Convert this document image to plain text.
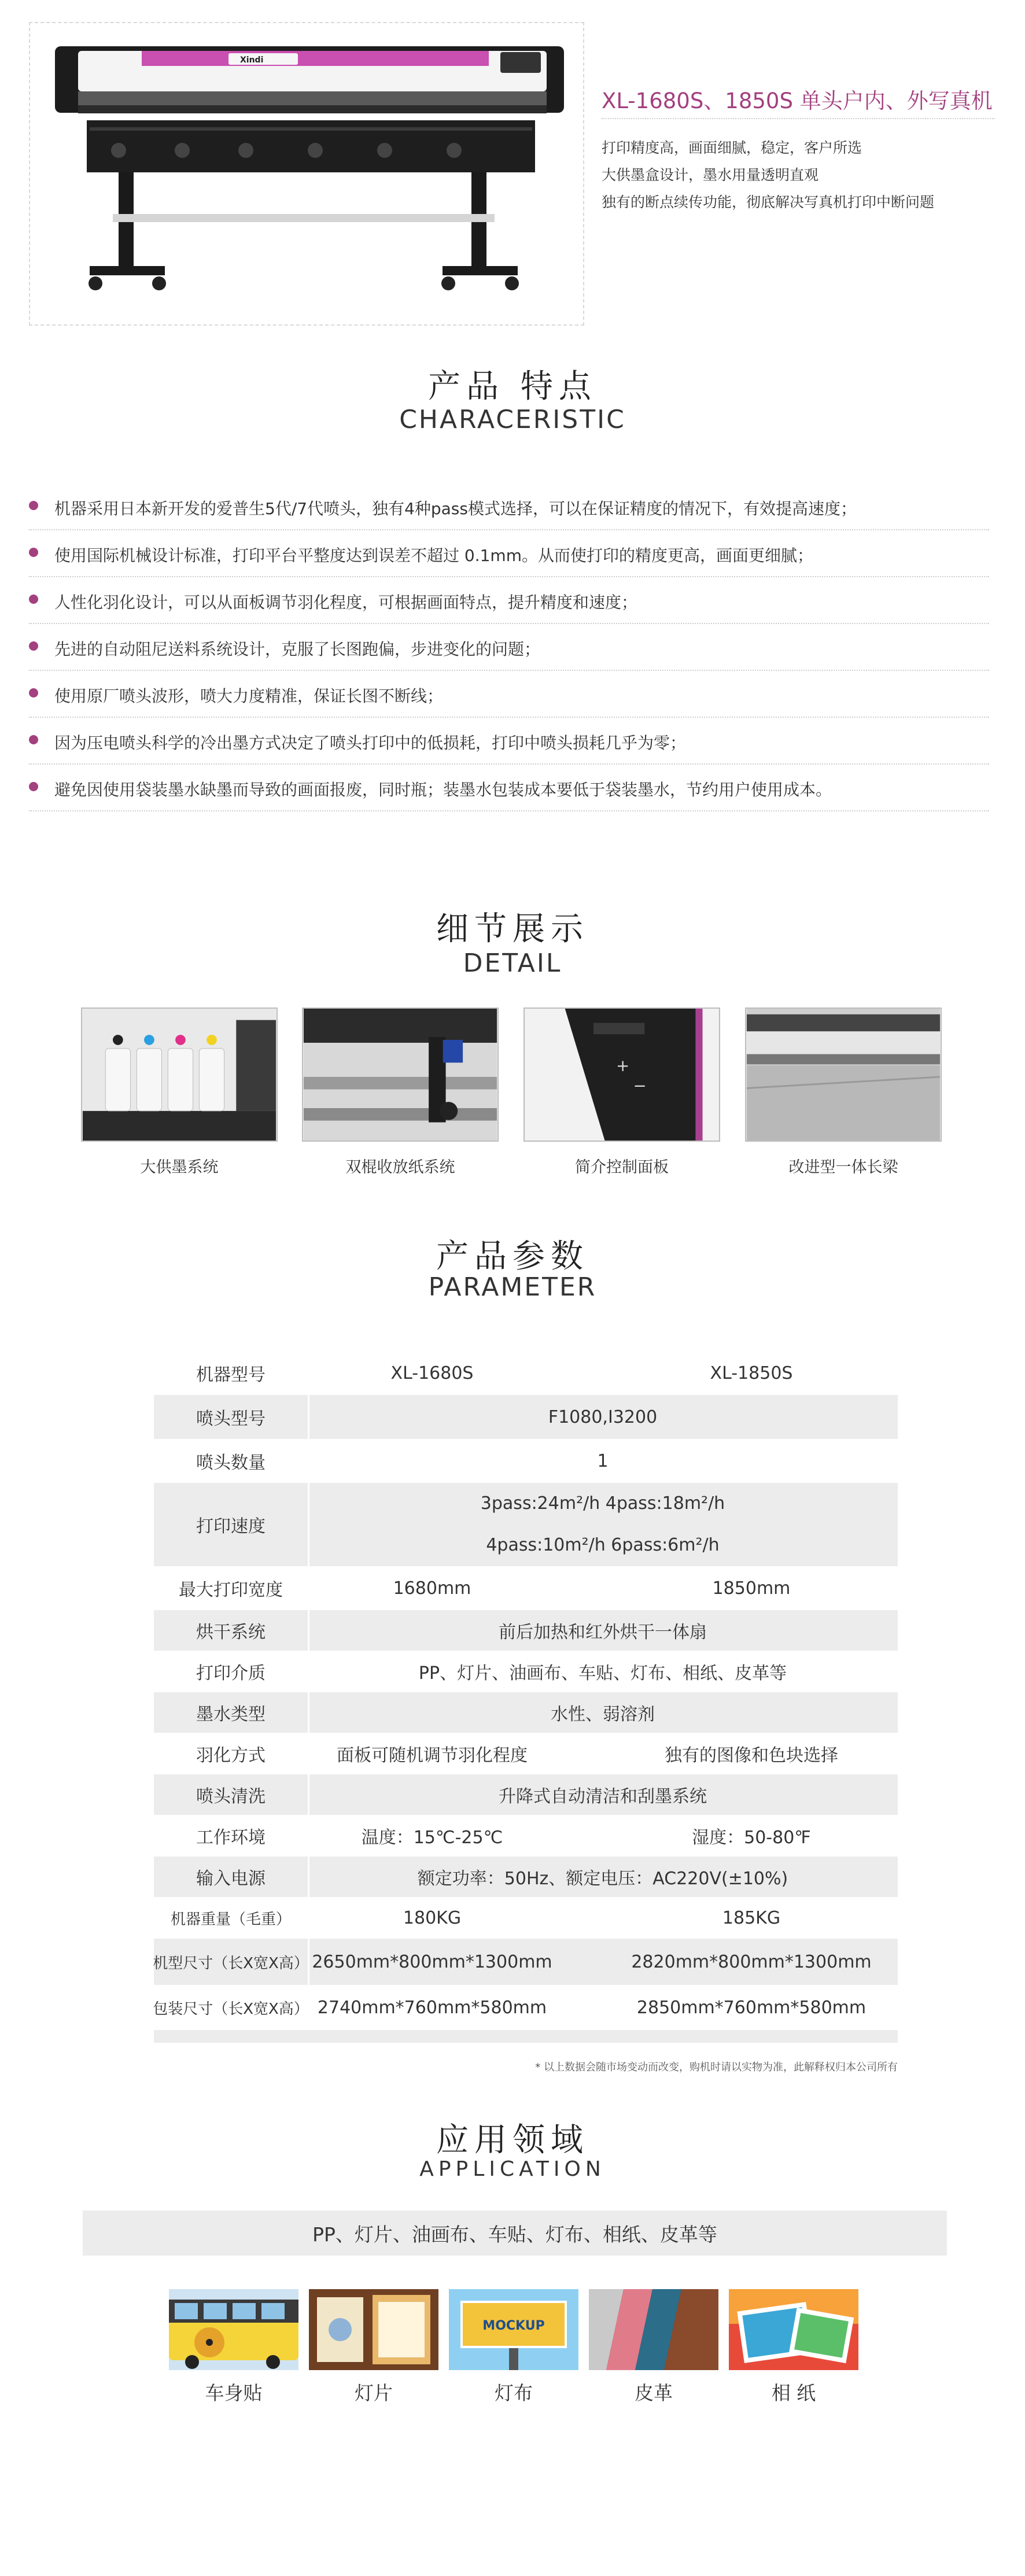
Xindi
XL-1680S、1850S 单头户内、外写真机
打印精度高，画面细腻，稳定，客户所选
大供墨盒设计，墨水用量透明直观
独有的断点续传功能，彻底解决写真机打印中断问题
产品 特点
CHARACERISTIC
机器采用日本新开发的爱普生5代/7代喷头，独有4种pass模式选择，可以在保证精度的情况下，有效提高速度；
使用国际机械设计标准，打印平台平整度达到误差不超过 0.1mm。从而使打印的精度更高，画面更细腻；
人性化羽化设计，可以从面板调节羽化程度，可根据画面特点，提升精度和速度；
先进的自动阻尼送料系统设计，克服了长图跑偏，步进变化的问题；
使用原厂喷头波形，喷大力度精准，保证长图不断线；
因为压电喷头科学的冷出墨方式决定了喷头打印中的低损耗，打印中喷头损耗几乎为零；
避免因使用袋装墨水缺墨而导致的画面报废，同时瓶；装墨水包装成本要低于袋装墨水，节约用户使用成本。
细节展示
DETAIL
+
−
大供墨系统	双棍收放纸系统	简介控制面板	改进型一体长梁
产品参数
PARAMETER
机器型号	XL-1680S	XL-1850S
喷头型号	F1080,I3200
喷头数量	1
打印速度
3pass:24m²/h 4pass:18m²/h
4pass:10m²/h 6pass:6m²/h
最大打印宽度	1680mm	1850mm
烘干系统	前后加热和红外烘干一体扇
打印介质	PP、灯片、油画布、车贴、灯布、相纸、皮革等
墨水类型	水性、弱溶剂
羽化方式	面板可随机调节羽化程度	独有的图像和色块选择
喷头清洗	升降式自动清洁和刮墨系统
工作环境	温度：15℃-25℃	湿度：50-80℉
输入电源	额定功率：50Hz、额定电压：AC220V(±10%)
机器重量（毛重）	180KG	185KG
机型尺寸（长X宽X高） 2650mm*800mm*1300mm	2820mm*800mm*1300mm
包装尺寸（长X宽X高） 2740mm*760mm*580mm	2850mm*760mm*580mm
* 以上数据会随市场变动而改变，购机时请以实物为准，此解释权归本公司所有
应用领域
APPLICATION
PP、灯片、油画布、车贴、灯布、相纸、皮革等
MOCKUP
车身贴	灯片	灯布	皮革	相 纸
